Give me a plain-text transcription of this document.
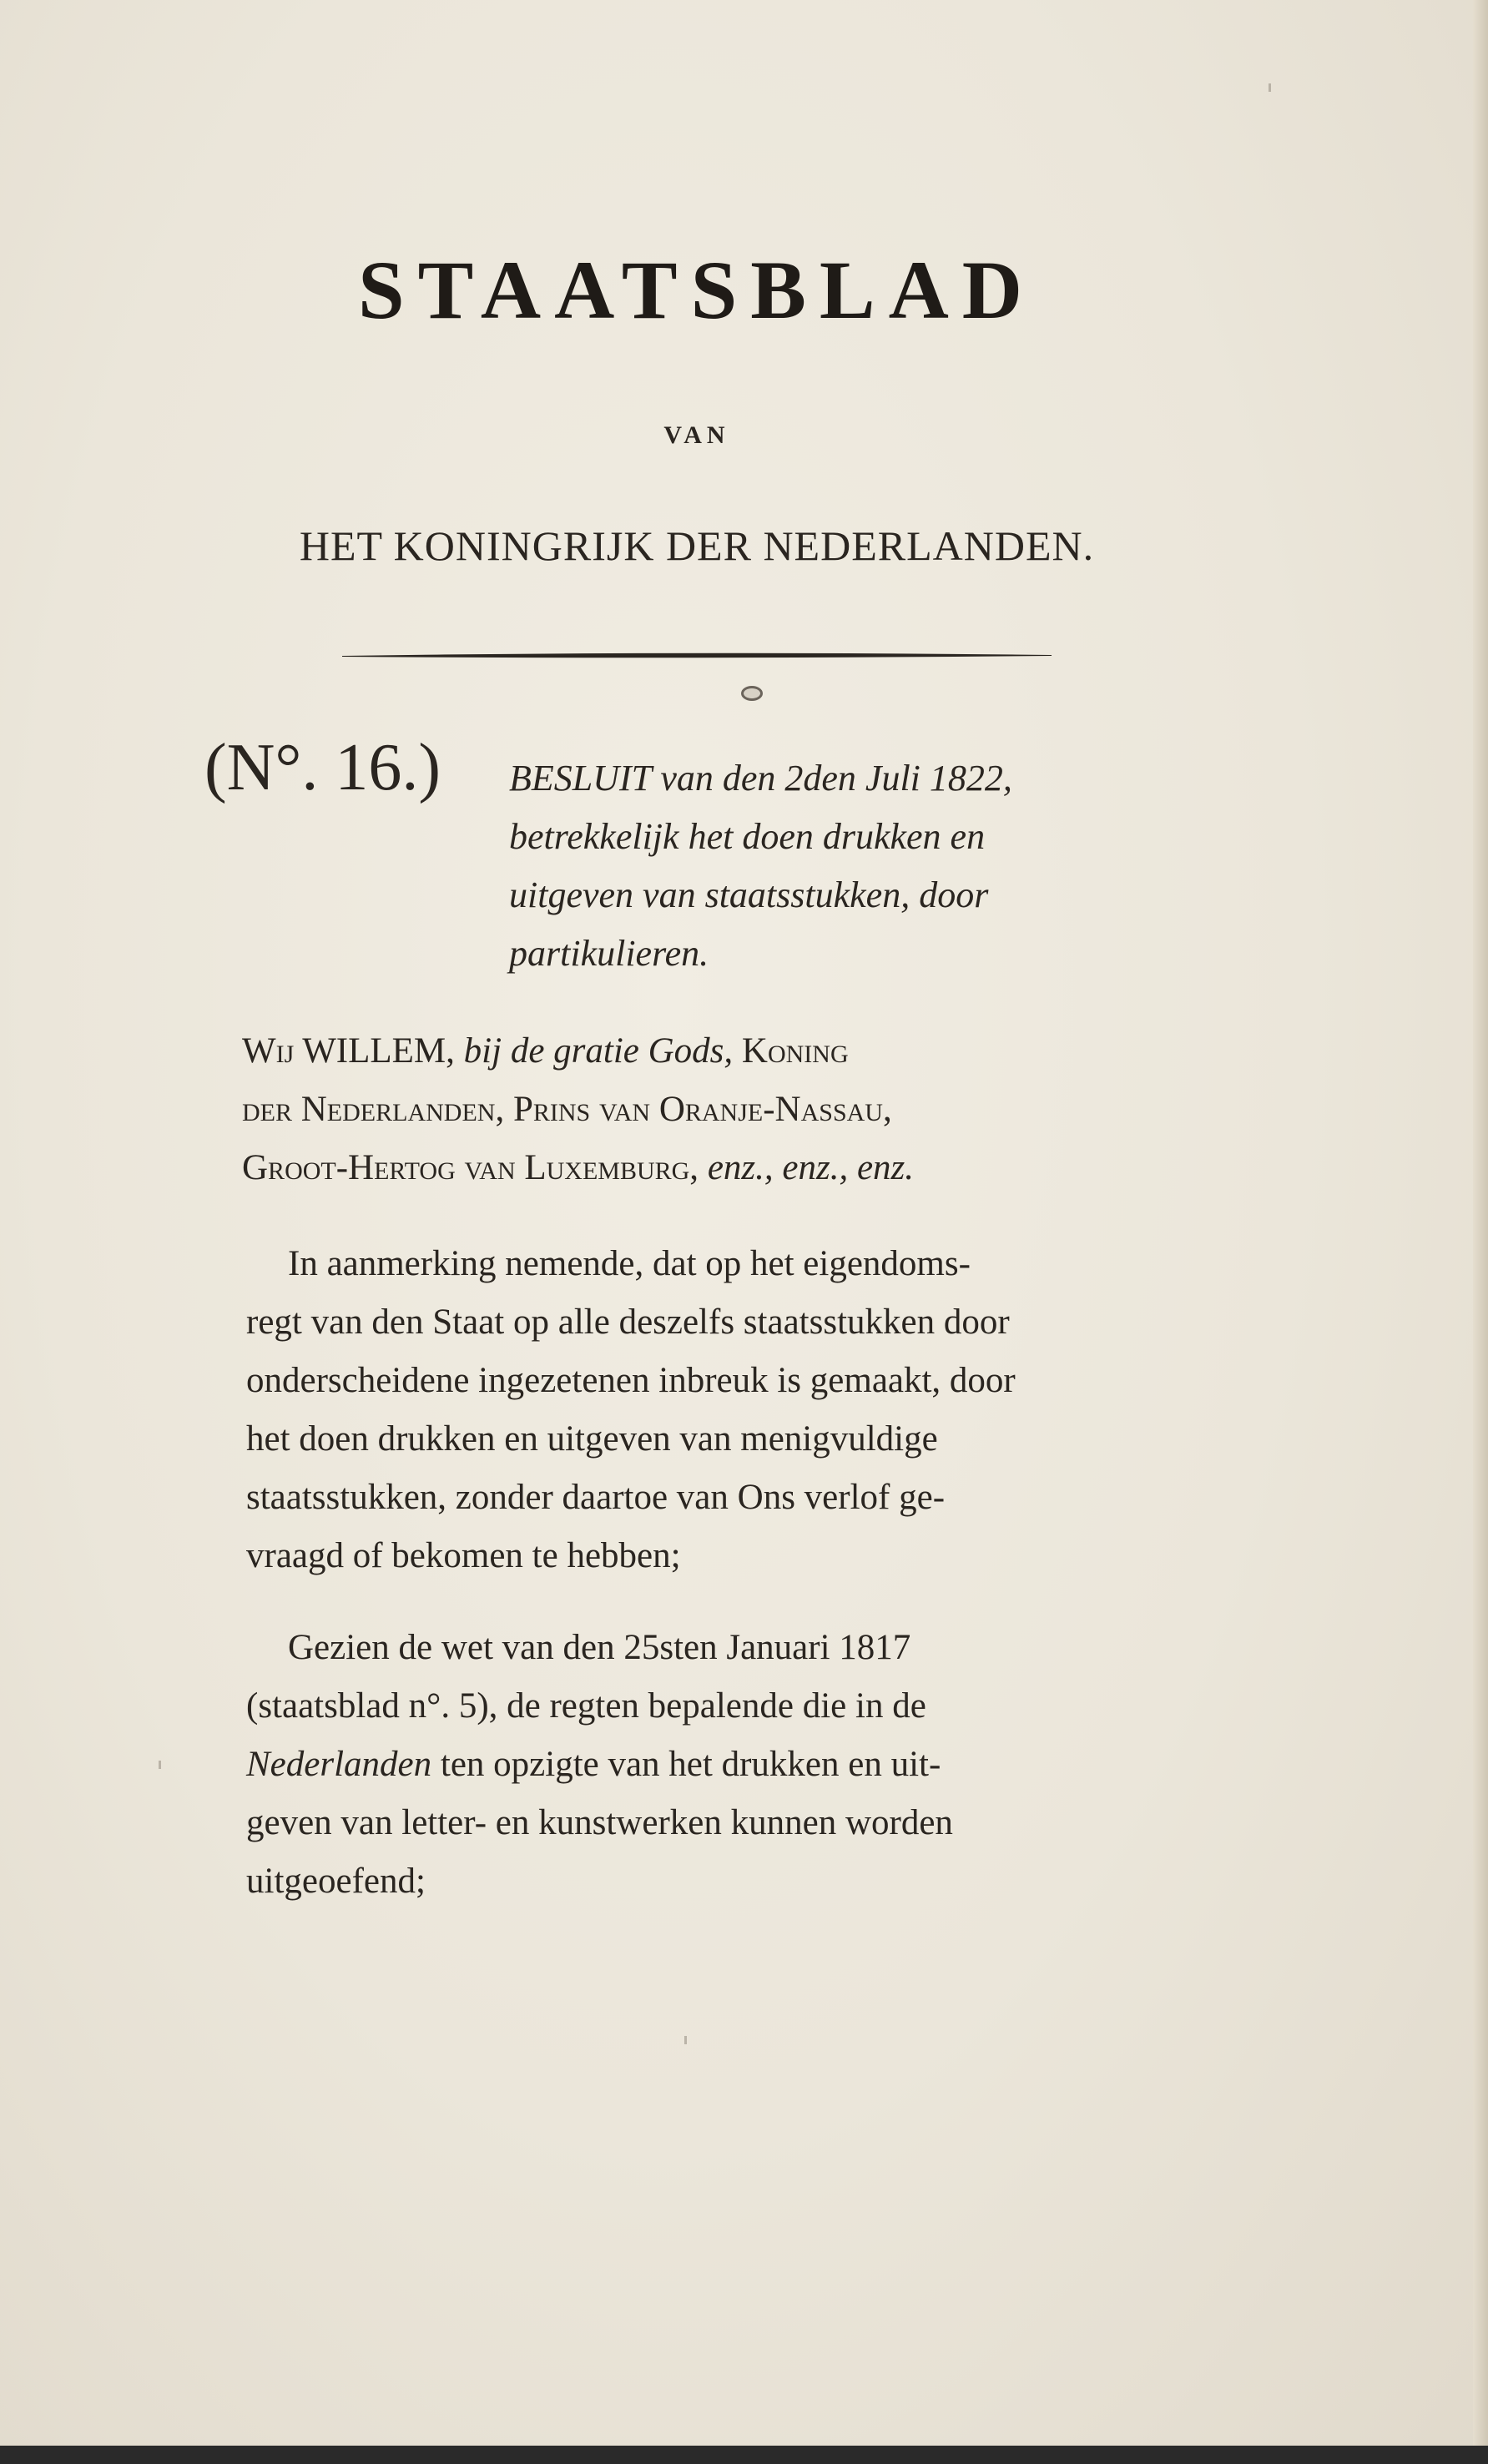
STAATSBLAD
VAN
HET KONINGRIJK DER NEDERLANDEN.
(N°. 16.) BESLUIT van den 2den Juli 1822,
betrekkelijk het doen drukken en
uitgeven van staatsstukken, door
partikulieren.
Wij WILLEM, bij de gratie Gods, Koning
der Nederlanden, Prins van Oranje-Nassau,
Groot-Hertog van Luxemburg, enz., enz., enz.
In aanmerking nemende, dat op het eigendoms-
regt van den Staat op alle deszelfs staatsstukken door
onderscheidene ingezetenen inbreuk is gemaakt, door
het doen drukken en uitgeven van menigvuldige
staatsstukken, zonder daartoe van Ons verlof ge-
vraagd of bekomen te hebben;
Gezien de wet van den 25sten Januari 1817
(staatsblad n°. 5), de regten bepalende die in de
Nederlanden ten opzigte van het drukken en uit-
geven van letter- en kunstwerken kunnen worden
uitgeoefend;
